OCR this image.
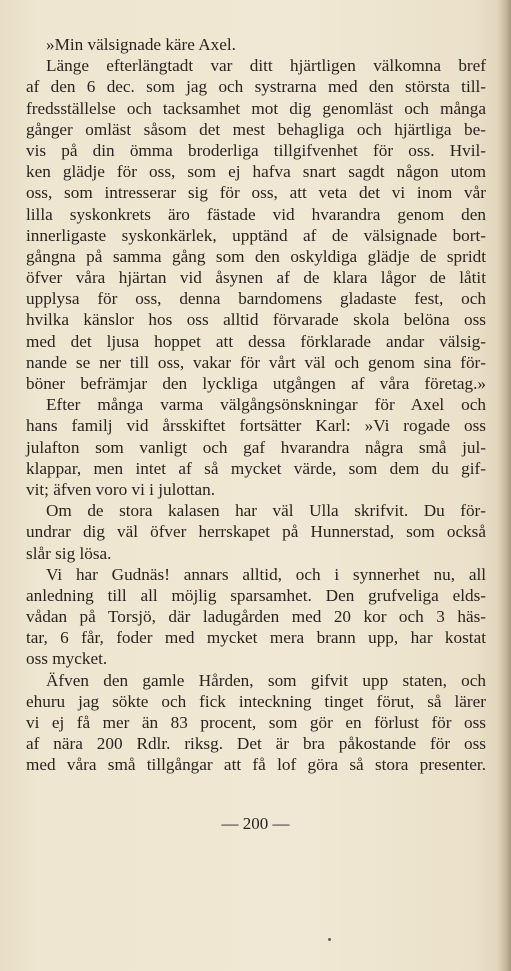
»Min välsignade käre Axel.
Länge efterlängtadt var ditt hjärtligen välkomna bref
af den 6 dec. som jag och systrarna med den största till‑
fredsställelse och tacksamhet mot dig genomläst och många
gånger omläst såsom det mest behagliga och hjärtliga be‑
vis på din ömma broderliga tillgifvenhet för oss. Hvil‑
ken glädje för oss, som ej hafva snart sagdt någon utom
oss, som intresserar sig för oss, att veta det vi inom vår
lilla syskonkrets äro fästade vid hvarandra genom den
innerligaste syskonkärlek, upptänd af de välsignade bort‑
gångna på samma gång som den oskyldiga glädje de spridt
öfver våra hjärtan vid åsynen af de klara lågor de låtit
upplysa för oss, denna barndomens gladaste fest, och
hvilka känslor hos oss alltid förvarade skola belöna oss
med det ljusa hoppet att dessa förklarade andar välsig‑
nande se ner till oss, vakar för vårt väl och genom sina för‑
böner befrämjar den lyckliga utgången af våra företag.»
Efter många varma välgångsönskningar för Axel och
hans familj vid årsskiftet fortsätter Karl: »Vi rogade oss
julafton som vanligt och gaf hvarandra några små jul‑
klappar, men intet af så mycket värde, som dem du gif‑
vit; äfven voro vi i julottan.
Om de stora kalasen har väl Ulla skrifvit. Du för‑
undrar dig väl öfver herrskapet på Hunnerstad, som också
slår sig lösa.
Vi har Gudnäs! annars alltid, och i synnerhet nu, all
anledning till all möjlig sparsamhet. Den grufveliga elds‑
vådan på Torsjö, där ladugården med 20 kor och 3 häs‑
tar, 6 får, foder med mycket mera brann upp, har kostat
oss mycket.
Äfven den gamle Hården, som gifvit upp staten, och
ehuru jag sökte och fick inteckning tinget förut, så lärer
vi ej få mer än 83 procent, som gör en förlust för oss
af nära 200 Rdlr. riksg. Det är bra påkostande för oss
med våra små tillgångar att få lof göra så stora presenter.
— 200 —
